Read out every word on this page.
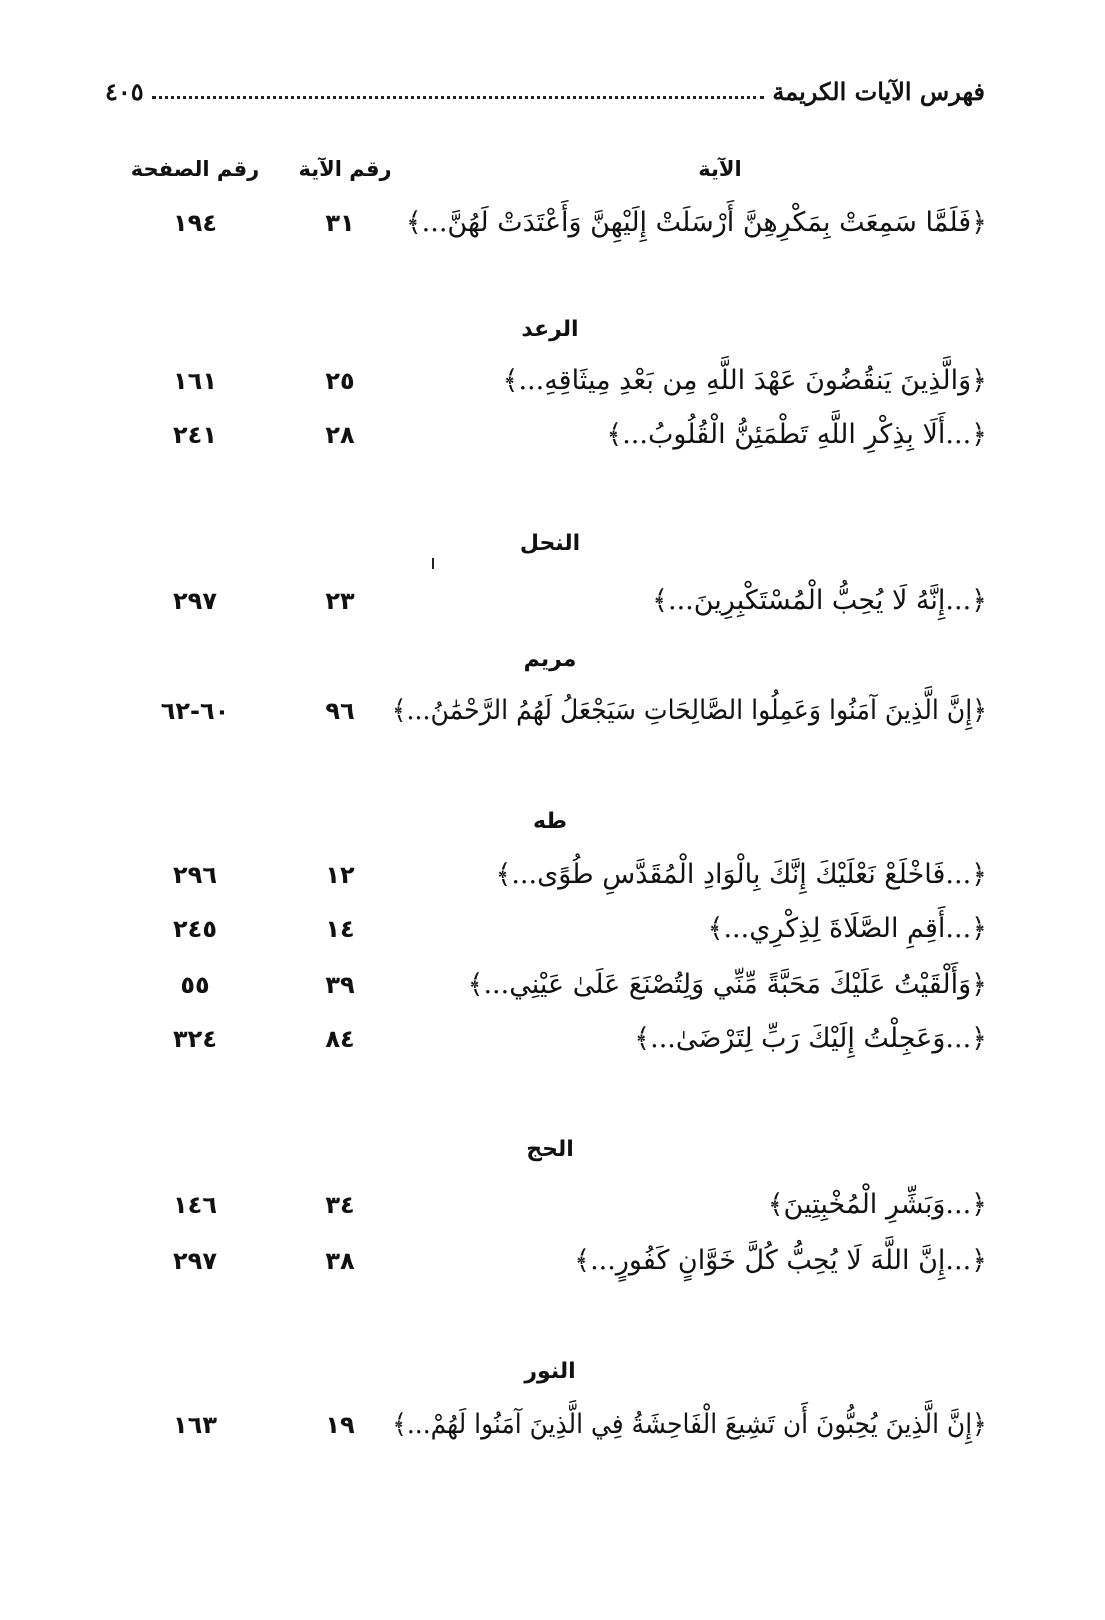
فهرس الآيات الكريمة
٤٠٥
الآية
رقم الآية
رقم الصفحة
﴿فَلَمَّا سَمِعَتْ بِمَكْرِهِنَّ أَرْسَلَتْ إِلَيْهِنَّ وَأَعْتَدَتْ لَهُنَّ...﴾
٣١
١٩٤
الرعد
﴿وَالَّذِينَ يَنقُضُونَ عَهْدَ اللَّهِ مِن بَعْدِ مِيثَاقِهِ...﴾
٢٥
١٦١
﴿...أَلَا بِذِكْرِ اللَّهِ تَطْمَئِنُّ الْقُلُوبُ...﴾
٢٨
٢٤١
النحل
﴿...إِنَّهُ لَا يُحِبُّ الْمُسْتَكْبِرِينَ...﴾
٢٣
٢٩٧
مريم
﴿إِنَّ الَّذِينَ آمَنُوا وَعَمِلُوا الصَّالِحَاتِ سَيَجْعَلُ لَهُمُ الرَّحْمَٰنُ...﴾
٩٦
٦٠-٦٢
طه
﴿...فَاخْلَعْ نَعْلَيْكَ إِنَّكَ بِالْوَادِ الْمُقَدَّسِ طُوًى...﴾
١٢
٢٩٦
﴿...أَقِمِ الصَّلَاةَ لِذِكْرِي...﴾
١٤
٢٤٥
﴿وَأَلْقَيْتُ عَلَيْكَ مَحَبَّةً مِّنِّي وَلِتُصْنَعَ عَلَىٰ عَيْنِي...﴾
٣٩
٥٥
﴿...وَعَجِلْتُ إِلَيْكَ رَبِّ لِتَرْضَىٰ...﴾
٨٤
٣٢٤
الحج
﴿...وَبَشِّرِ الْمُخْبِتِينَ﴾
٣٤
١٤٦
﴿...إِنَّ اللَّهَ لَا يُحِبُّ كُلَّ خَوَّانٍ كَفُورٍ...﴾
٣٨
٢٩٧
النور
﴿إِنَّ الَّذِينَ يُحِبُّونَ أَن تَشِيعَ الْفَاحِشَةُ فِي الَّذِينَ آمَنُوا لَهُمْ...﴾
١٩
١٦٣
